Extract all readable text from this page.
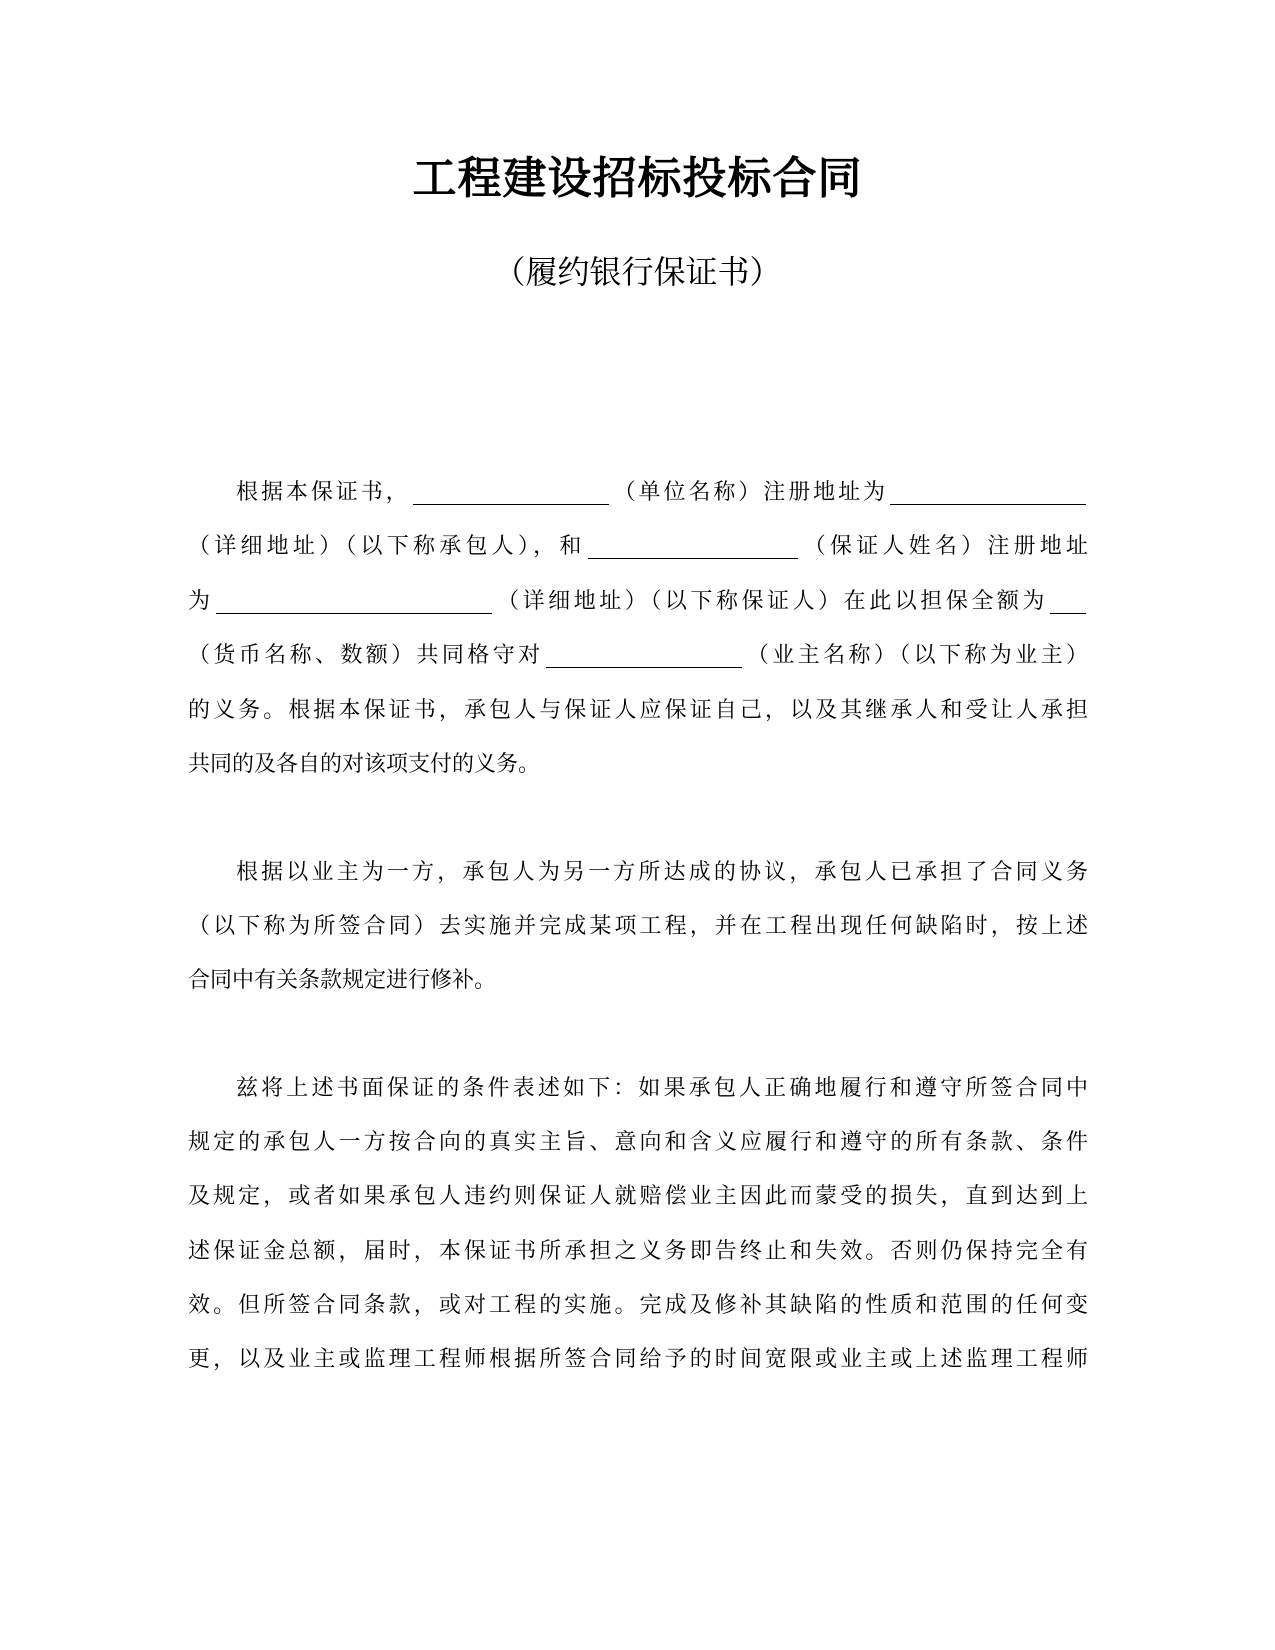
工程建设招标投标合同
（履约银行保证书）
根据本保证书，	（单位名称）注册地址为
（详细地址）（以下称承包人），和	（保证人姓名）注册地址
为	（详细地址）（以下称保证人）在此以担保全额为
（货币名称、数额）共同格守对	（业主名称）（以下称为业主）
的义务。根据本保证书，承包人与保证人应保证自己，以及其继承人和受让人承担
共同的及各自的对该项支付的义务。
根据以业主为一方，承包人为另一方所达成的协议，承包人已承担了合同义务
（以下称为所签合同）去实施并完成某项工程，并在工程出现任何缺陷时，按上述
合同中有关条款规定进行修补。
兹将上述书面保证的条件表述如下：如果承包人正确地履行和遵守所签合同中
规定的承包人一方按合向的真实主旨、意向和含义应履行和遵守的所有条款、条件
及规定，或者如果承包人违约则保证人就赔偿业主因此而蒙受的损失，直到达到上
述保证金总额，届时，本保证书所承担之义务即告终止和失效。否则仍保持完全有
效。但所签合同条款，或对工程的实施。完成及修补其缺陷的性质和范围的任何变
更，以及业主或监理工程师根据所签合同给予的时间宽限或业主或上述监理工程师
